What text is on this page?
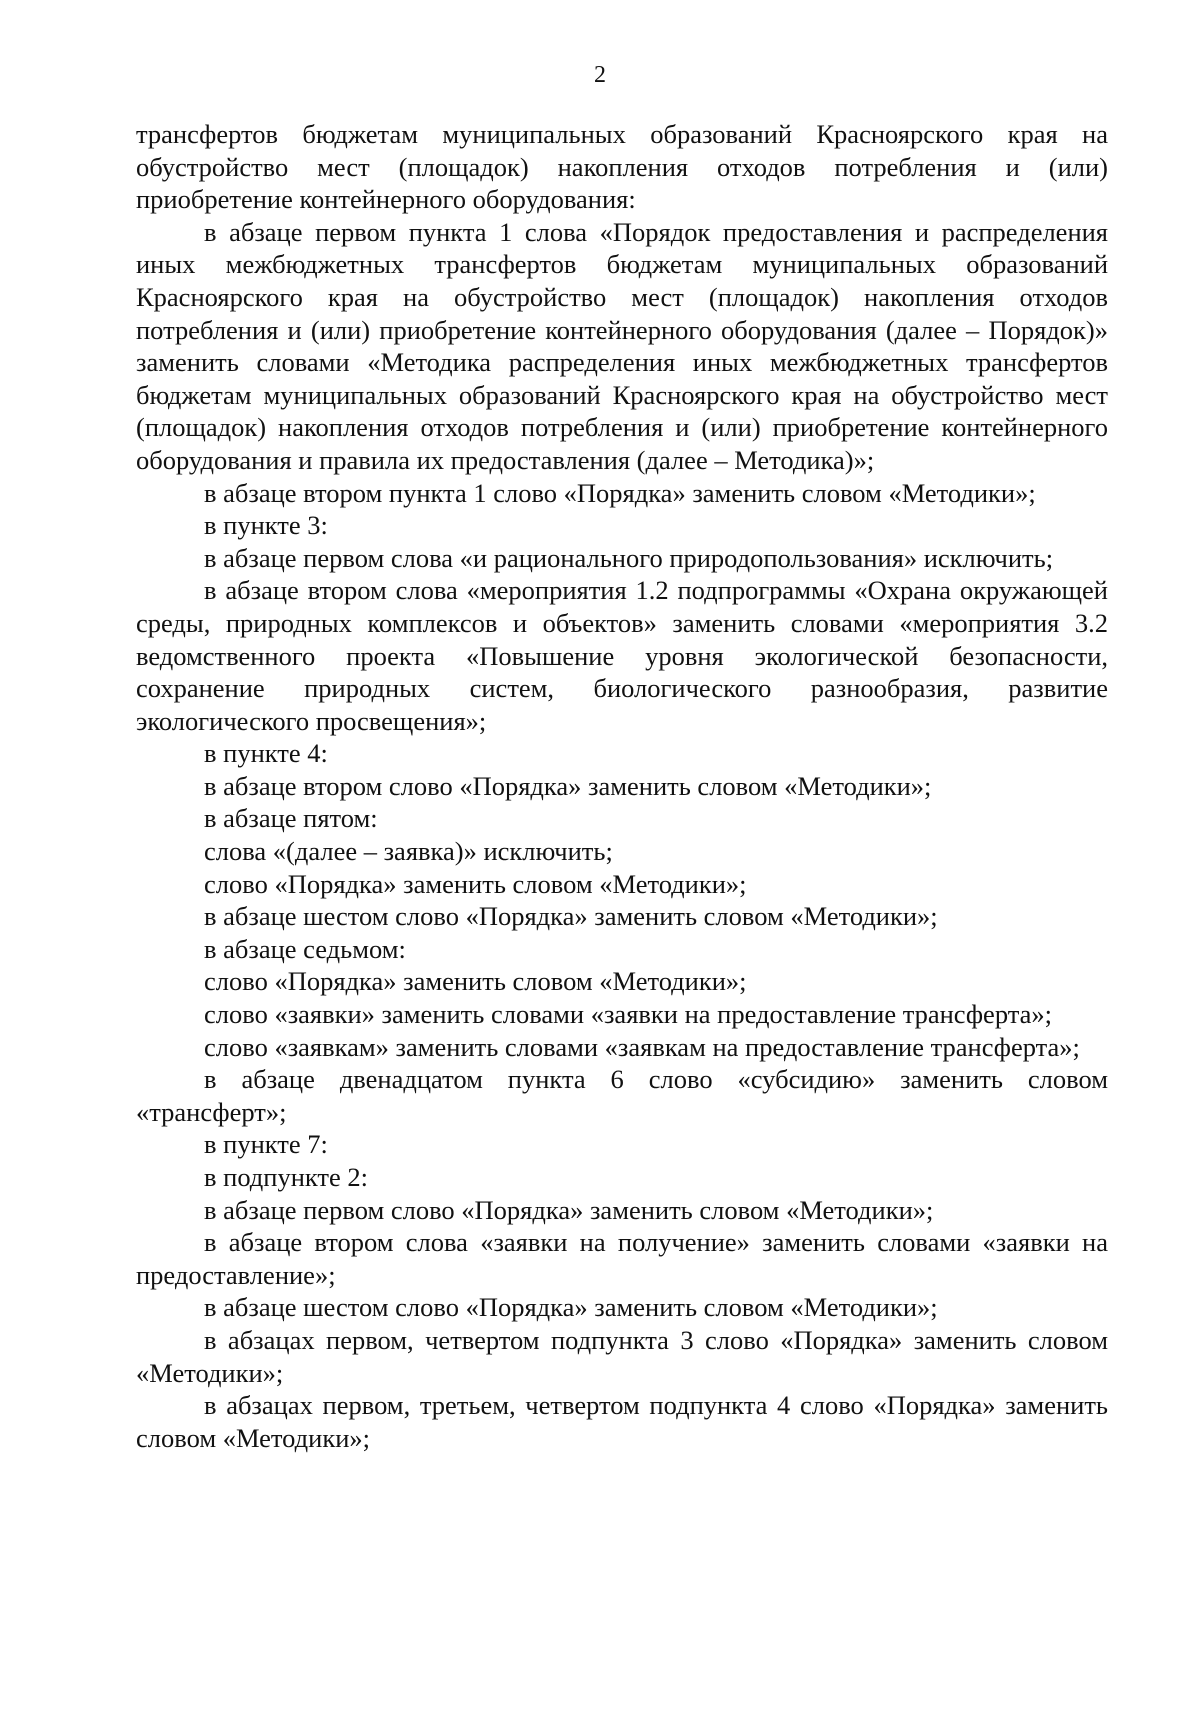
2

трансфертов бюджетам муниципальных образований Красноярского края на обустройство мест (площадок) накопления отходов потребления и (или) приобретение контейнерного оборудования:

в абзаце первом пункта 1 слова «Порядок предоставления и распределения иных межбюджетных трансфертов бюджетам муниципальных образований Красноярского края на обустройство мест (площадок) накопления отходов потребления и (или) приобретение контейнерного оборудования (далее – Порядок)» заменить словами «Методика распределения иных межбюджетных трансфертов бюджетам муниципальных образований Красноярского края на обустройство мест (площадок) накопления отходов потребления и (или) приобретение контейнерного оборудования и правила их предоставления (далее – Методика)»;

в абзаце втором пункта 1 слово «Порядка» заменить словом «Методики»;

в пункте 3:

в абзаце первом слова «и рационального природопользования» исключить;

в абзаце втором слова «мероприятия 1.2 подпрограммы «Охрана окружающей среды, природных комплексов и объектов» заменить словами «мероприятия 3.2 ведомственного проекта «Повышение уровня экологической безопасности, сохранение природных систем, биологического разнообразия, развитие экологического просвещения»;

в пункте 4:

в абзаце втором слово «Порядка» заменить словом «Методики»;

в абзаце пятом:

слова «(далее – заявка)» исключить;

слово «Порядка» заменить словом «Методики»;

в абзаце шестом слово «Порядка» заменить словом «Методики»;

в абзаце седьмом:

слово «Порядка» заменить словом «Методики»;

слово «заявки» заменить словами «заявки на предоставление трансферта»;

слово «заявкам» заменить словами «заявкам на предоставление трансферта»;

в абзаце двенадцатом пункта 6 слово «субсидию» заменить словом «трансферт»;

в пункте 7:

в подпункте 2:

в абзаце первом слово «Порядка» заменить словом «Методики»;

в абзаце втором слова «заявки на получение» заменить словами «заявки на предоставление»;

в абзаце шестом слово «Порядка» заменить словом «Методики»;

в абзацах первом, четвертом подпункта 3 слово «Порядка» заменить словом «Методики»;

в абзацах первом, третьем, четвертом подпункта 4 слово «Порядка» заменить словом «Методики»;
